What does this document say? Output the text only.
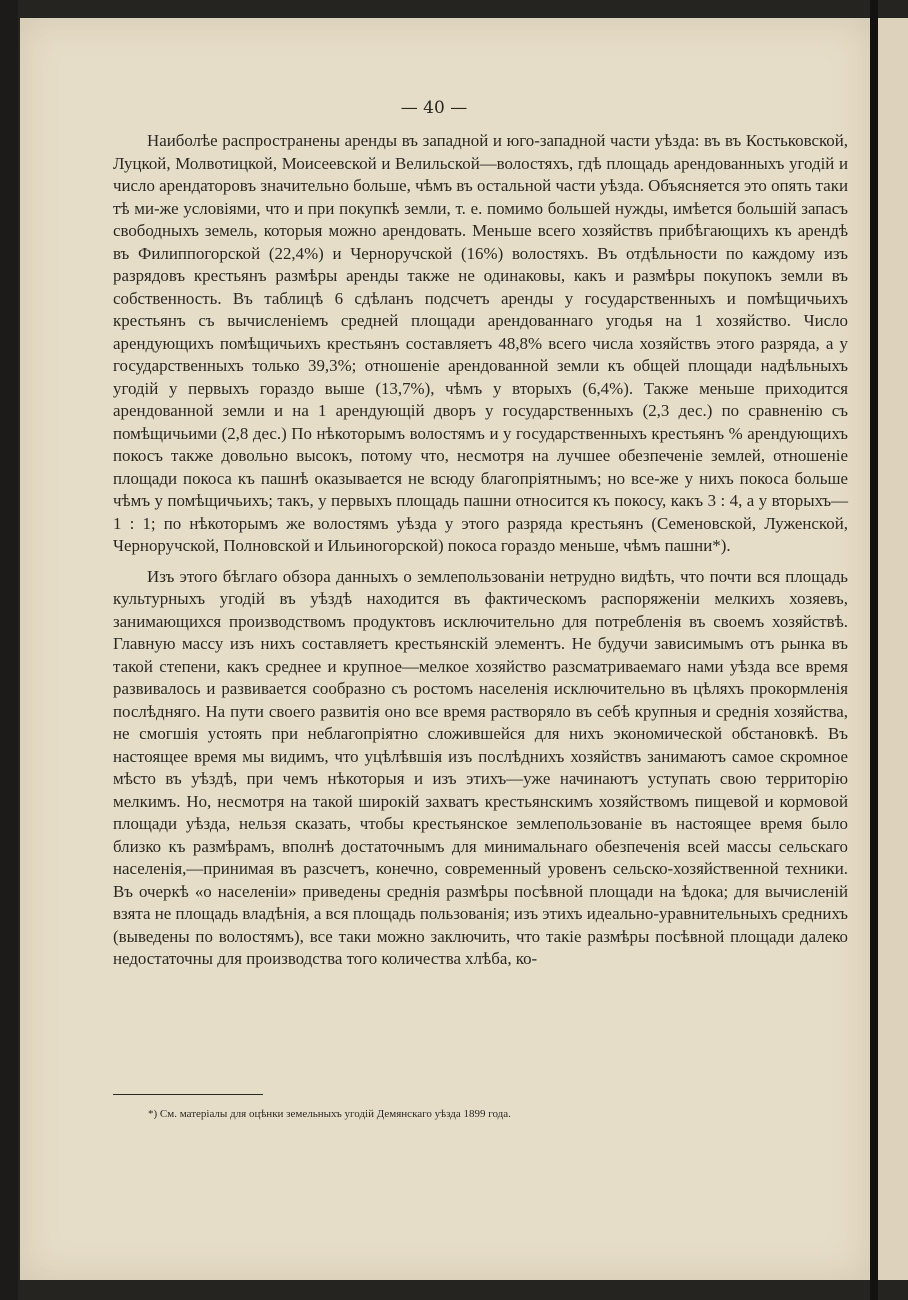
— 40 —

Наиболѣе распространены аренды въ западной и юго-западной части уѣзда: въ въ Костьковской, Луцкой, Молвотицкой, Моисеевской и Велильской—волостяхъ, гдѣ площадь арендованныхъ угодій и число арендаторовъ значительно больше, чѣмъ въ остальной части уѣзда. Объясняется это опять таки тѣ ми-же условіями, что и при покупкѣ земли, т. е. помимо большей нужды, имѣется большій запасъ свободныхъ земель, которыя можно арендовать. Меньше всего хозяйствъ прибѣгающихъ къ арендѣ въ Филиппогорской (22,4%) и Черноручской (16%) волостяхъ. Въ отдѣльности по каждому изъ разрядовъ крестьянъ размѣры аренды также не одинаковы, какъ и размѣры покупокъ земли въ собственность. Въ таблицѣ 6 сдѣланъ подсчетъ аренды у государственныхъ и помѣщичьихъ крестьянъ съ вычисленіемъ средней площади арендованнаго угодья на 1 хозяйство. Число арендующихъ помѣщичьихъ крестьянъ составляетъ 48,8% всего числа хозяйствъ этого разряда, а у государственныхъ только 39,3%; отношеніе арендованной земли къ общей площади надѣльныхъ угодій у первыхъ гораздо выше (13,7%), чѣмъ у вторыхъ (6,4%). Также меньше приходится арендованной земли и на 1 арендующій дворъ у государственныхъ (2,3 дес.) по сравненію съ помѣщичьими (2,8 дес.) По нѣкоторымъ волостямъ и у государственныхъ крестьянъ % арендующихъ покосъ также довольно высокъ, потому что, несмотря на лучшее обезпеченіе землей, отношеніе площади покоса къ пашнѣ оказывается не всюду благопріятнымъ; но все-же у нихъ покоса больше чѣмъ у помѣщичьихъ; такъ, у первыхъ площадь пашни относится къ покосу, какъ 3 : 4, а у вторыхъ—1 : 1; по нѣкоторымъ же волостямъ уѣзда у этого разряда крестьянъ (Семеновской, Луженской, Черноручской, Полновской и Ильиногорской) покоса гораздо меньше, чѣмъ пашни*).

Изъ этого бѣглаго обзора данныхъ о землепользованіи нетрудно видѣть, что почти вся площадь культурныхъ угодій въ уѣздѣ находится въ фактическомъ распоряженіи мелкихъ хозяевъ, занимающихся производствомъ продуктовъ исключительно для потребленія въ своемъ хозяйствѣ. Главную массу изъ нихъ составляетъ крестьянскій элементъ. Не будучи зависимымъ отъ рынка въ такой степени, какъ среднее и крупное—мелкое хозяйство разсматриваемаго нами уѣзда все время развивалось и развивается сообразно съ ростомъ населенія исключительно въ цѣляхъ прокормленія послѣдняго. На пути своего развитія оно все время растворяло въ себѣ крупныя и среднія хозяйства, не смогшія устоять при неблагопріятно сложившейся для нихъ экономической обстановкѣ. Въ настоящее время мы видимъ, что уцѣлѣвшія изъ послѣднихъ хозяйствъ занимаютъ самое скромное мѣсто въ уѣздѣ, при чемъ нѣкоторыя и изъ этихъ—уже начинаютъ уступать свою территорію мелкимъ. Но, несмотря на такой широкій захватъ крестьянскимъ хозяйствомъ пищевой и кормовой площади уѣзда, нельзя сказать, чтобы крестьянское землепользованіе въ настоящее время было близко къ размѣрамъ, вполнѣ достаточнымъ для минимальнаго обезпеченія всей массы сельскаго населенія,—принимая въ разсчетъ, конечно, современный уровенъ сельско-хозяйственной техники. Въ очеркѣ «о населеніи» приведены среднія размѣры посѣвной площади на ѣдока; для вычисленій взята не площадь владѣнія, а вся площадь пользованія; изъ этихъ идеально-уравнительныхъ среднихъ (выведены по волостямъ), все таки можно заключить, что такіе размѣры посѣвной площади далеко недостаточны для производства того количества хлѣба, ко-

*) См. матеріалы для оцѣнки земельныхъ угодій Демянскаго уѣзда 1899 года.
